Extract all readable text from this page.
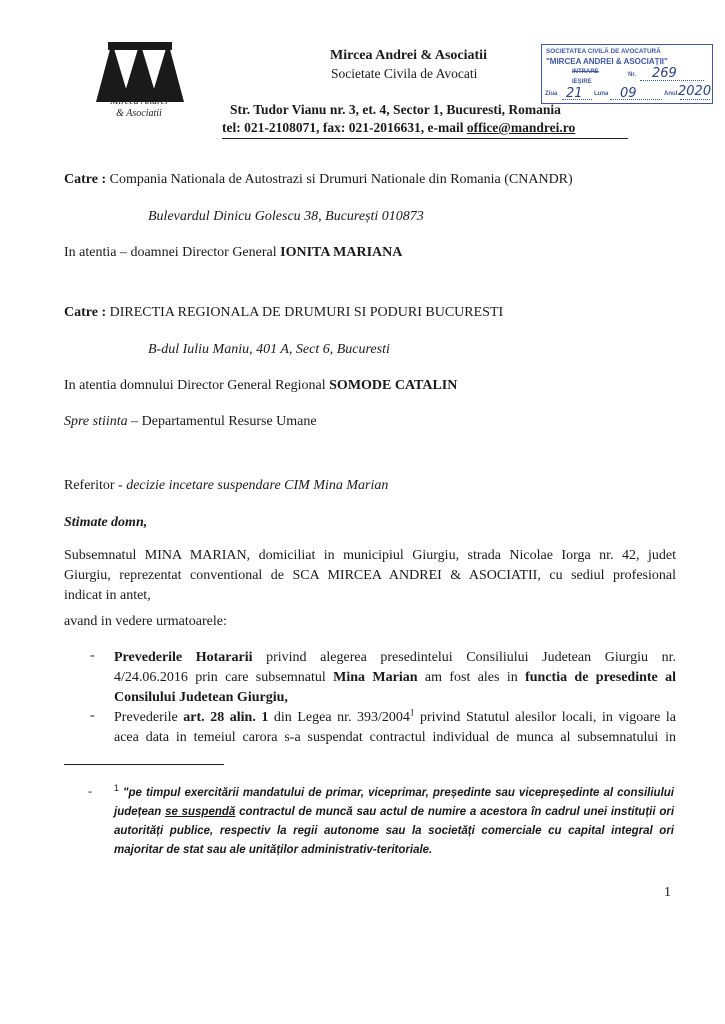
Mircea Andrei
& Asociatii
Mircea Andrei & Asociatii
Societate Civila de Avocati
Str. Tudor Vianu nr. 3, et. 4, Sector 1, Bucuresti, Romania
tel: 021-2108071, fax: 021-2016631, e-mail office@mandrei.ro
SOCIETATEA CIVILĂ DE AVOCATURĂ
"MIRCEA ANDREI & ASOCIAȚII"
INTRARE
IEȘIRE
Nr. 269
Ziua 21 Luna 09	Anul 2020
Catre : Compania Nationala de Autostrazi si Drumuri Nationale din Romania (CNANDR)
Bulevardul Dinicu Golescu 38, București 010873
In atentia – doamnei Director General IONITA MARIANA
Catre : DIRECTIA REGIONALA DE DRUMURI SI PODURI BUCURESTI
B-dul Iuliu Maniu, 401 A, Sect 6, Bucuresti
In atentia domnului Director General Regional SOMODE CATALIN
Spre stiinta – Departamentul Resurse Umane
Referitor - decizie incetare suspendare CIM Mina Marian
Stimate domn,
Subsemnatul MINA MARIAN, domiciliat in municipiul Giurgiu, strada Nicolae Iorga nr. 42, judet
Giurgiu, reprezentat conventional de SCA MIRCEA ANDREI & ASOCIATII, cu sediul profesional
indicat in antet,
avand in vedere urmatoarele:
- Prevederile Hotararii privind alegerea presedintelui Consiliului Judetean Giurgiu nr.
4/24.06.2016 prin care subsemnatul Mina Marian am fost ales in functia de presedinte al
Consilului Judetean Giurgiu,
- Prevederile art. 28 alin. 1 din Legea nr. 393/2004$^1$ privind Statutul alesilor locali, in vigoare la
acea data in temeiul carora s-a suspendat contractul individual de munca al subsemnatului in
- $^1$ "pe timpul exercitării mandatului de primar, viceprimar, președinte sau vicepreședinte al consiliului județean se suspendă contractul de muncă sau actul de numire a acestora în cadrul unei instituții ori autorități publice, respectiv la regii autonome sau la societăți comerciale cu capital integral ori majoritar de stat sau ale unităților administrativ-teritoriale.
1
